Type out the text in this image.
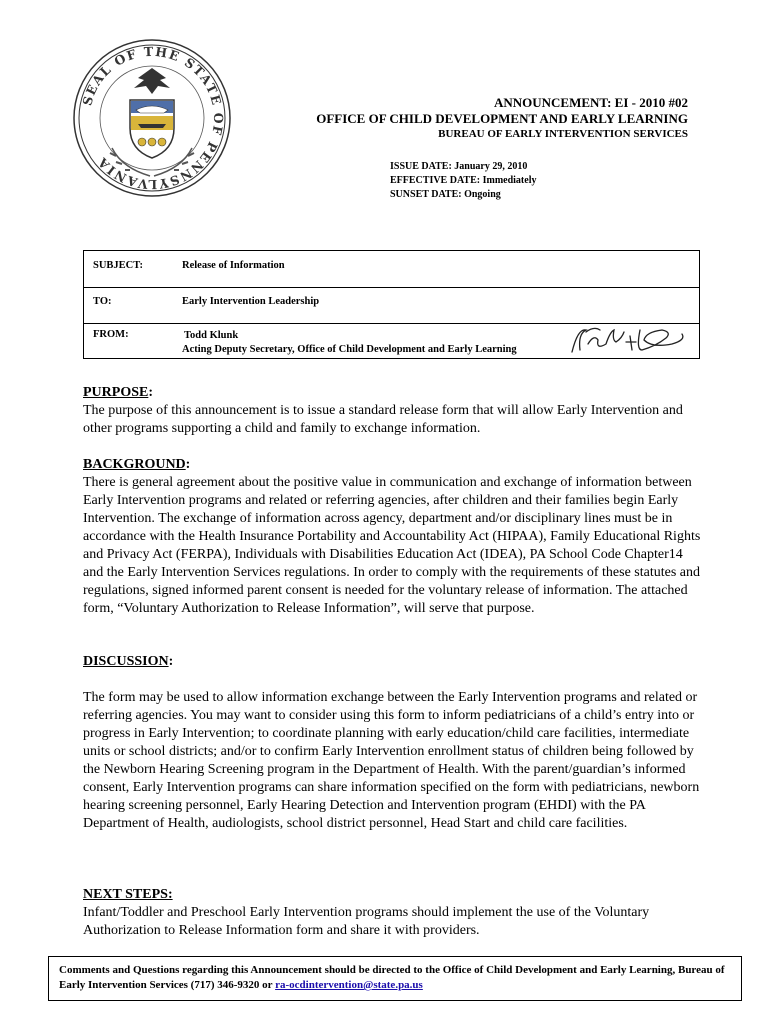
SEAL OF THE STATE OF PENNSYLVANIA
ANNOUNCEMENT: EI - 2010 #02
OFFICE OF CHILD DEVELOPMENT AND EARLY LEARNING
BUREAU OF EARLY INTERVENTION SERVICES
ISSUE DATE: January 29, 2010
EFFECTIVE DATE: Immediately
SUNSET DATE: Ongoing
SUBJECT:	Release of Information
TO:	Early Intervention Leadership
FROM:	Todd Klunk
Acting Deputy Secretary, Office of Child Development and Early Learning
PURPOSE:
The purpose of this announcement is to issue a standard release form that will allow Early Intervention and other programs supporting a child and family to exchange information.
BACKGROUND:
There is general agreement about the positive value in communication and exchange of information between Early Intervention programs and related or referring agencies, after children and their families begin Early Intervention. The exchange of information across agency, department and/or disciplinary lines must be in accordance with the Health Insurance Portability and Accountability Act (HIPAA), Family Educational Rights and Privacy Act (FERPA), Individuals with Disabilities Education Act (IDEA), PA School Code Chapter14 and the Early Intervention Services regulations. In order to comply with the requirements of these statutes and regulations, signed informed parent consent is needed for the voluntary release of information. The attached form, “Voluntary Authorization to Release Information”, will serve that purpose.
DISCUSSION:
The form may be used to allow information exchange between the Early Intervention programs and related or referring agencies. You may want to consider using this form to inform pediatricians of a child’s entry into or progress in Early Intervention; to coordinate planning with early education/child care facilities, intermediate units or school districts; and/or to confirm Early Intervention enrollment status of children being followed by the Newborn Hearing Screening program in the Department of Health. With the parent/guardian’s informed consent, Early Intervention programs can share information specified on the form with pediatricians, newborn hearing screening personnel, Early Hearing Detection and Intervention program (EHDI) with the PA Department of Health, audiologists, school district personnel, Head Start and child care facilities.
NEXT STEPS:
Infant/Toddler and Preschool Early Intervention programs should implement the use of the Voluntary Authorization to Release Information form and share it with providers.
Comments and Questions regarding this Announcement should be directed to the Office of Child Development and Early Learning, Bureau of Early Intervention Services (717) 346-9320 or ra-ocdintervention@state.pa.us
